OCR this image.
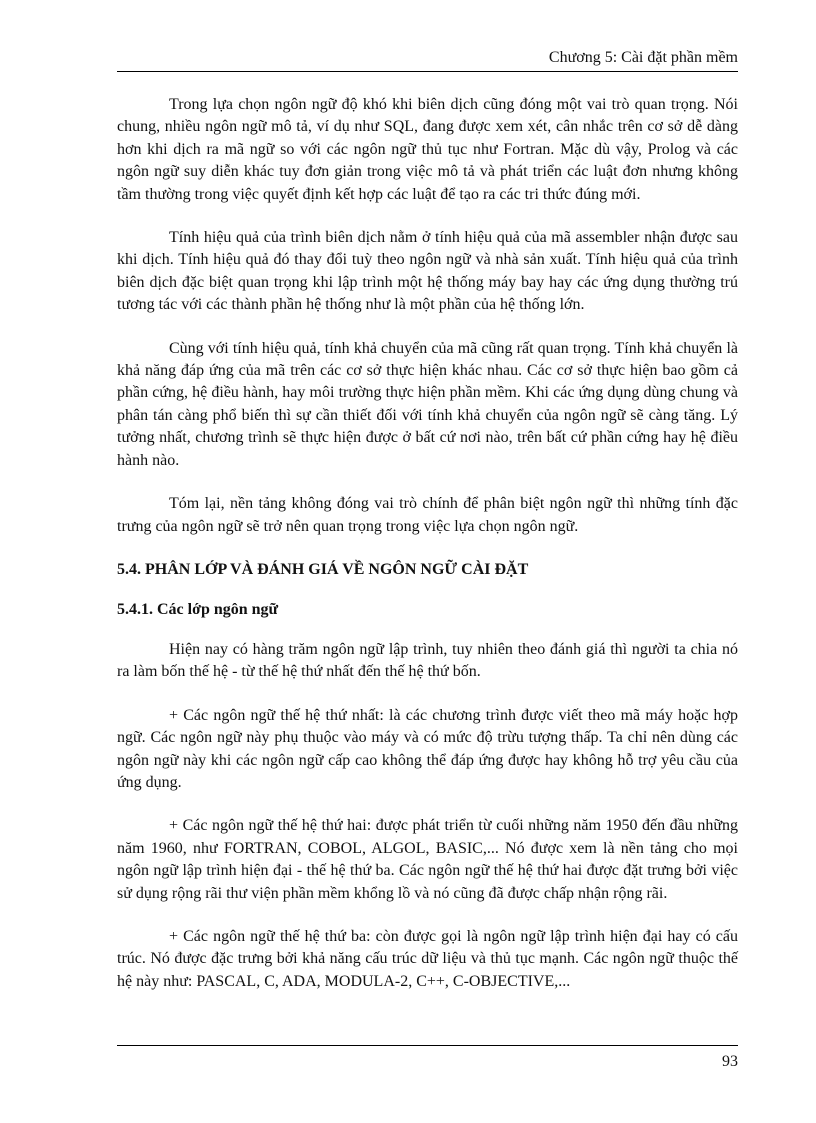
Chương 5: Cài đặt phần mềm

Trong lựa chọn ngôn ngữ độ khó khi biên dịch cũng đóng một vai trò quan trọng. Nói chung, nhiều ngôn ngữ mô tả, ví dụ như SQL, đang được xem xét, cân nhắc trên cơ sở dễ dàng hơn khi dịch ra mã ngữ so với các ngôn ngữ thủ tục như Fortran. Mặc dù vậy, Prolog và các ngôn ngữ suy diễn khác tuy đơn giản trong việc mô tả và phát triển các luật đơn nhưng không tầm thường trong việc quyết định kết hợp các luật để tạo ra các tri thức đúng mới.

Tính hiệu quả của trình biên dịch nằm ở tính hiệu quả của mã assembler nhận được sau khi dịch. Tính hiệu quả đó thay đổi tuỳ theo ngôn ngữ và nhà sản xuất. Tính hiệu quả của trình biên dịch đặc biệt quan trọng khi lập trình một hệ thống máy bay hay các ứng dụng thường trú tương tác với các thành phần hệ thống như là một phần của hệ thống lớn.

Cùng với tính hiệu quả, tính khả chuyển của mã cũng rất quan trọng. Tính khả chuyển là khả năng đáp ứng của mã trên các cơ sở thực hiện khác nhau. Các cơ sở thực hiện bao gồm cả phần cứng, hệ điều hành, hay môi trường thực hiện phần mềm. Khi các ứng dụng dùng chung và phân tán càng phổ biến thì sự cần thiết đối với tính khả chuyển của ngôn ngữ sẽ càng tăng. Lý tưởng nhất, chương trình sẽ thực hiện được ở bất cứ nơi nào, trên bất cứ phần cứng hay hệ điều hành nào.

Tóm lại, nền tảng không đóng vai trò chính để phân biệt ngôn ngữ thì những tính đặc trưng của ngôn ngữ sẽ trở nên quan trọng trong việc lựa chọn ngôn ngữ.

5.4. PHÂN LỚP VÀ ĐÁNH GIÁ VỀ NGÔN NGỮ CÀI ĐẶT
5.4.1. Các lớp ngôn ngữ

Hiện nay có hàng trăm ngôn ngữ lập trình, tuy nhiên theo đánh giá thì người ta chia nó ra làm bốn thế hệ - từ thế hệ thứ nhất đến thế hệ thứ bốn.

+ Các ngôn ngữ thế hệ thứ nhất: là các chương trình được viết theo mã máy hoặc hợp ngữ. Các ngôn ngữ này phụ thuộc vào máy và có mức độ trừu tượng thấp. Ta chỉ nên dùng các ngôn ngữ này khi các ngôn ngữ cấp cao không thể đáp ứng được hay không hỗ trợ yêu cầu của ứng dụng.

+ Các ngôn ngữ thế hệ thứ hai: được phát triển từ cuối những năm 1950 đến đầu những năm 1960, như FORTRAN, COBOL, ALGOL, BASIC,... Nó được xem là nền tảng cho mọi ngôn ngữ lập trình hiện đại - thế hệ thứ ba. Các ngôn ngữ thế hệ thứ hai được đặt trưng bởi việc sử dụng rộng rãi thư viện phần mềm khổng lồ và nó cũng đã được chấp nhận rộng rãi.

+ Các ngôn ngữ thế hệ thứ ba: còn được gọi là ngôn ngữ lập trình hiện đại hay có cấu trúc. Nó được đặc trưng bởi khả năng cấu trúc dữ liệu và thủ tục mạnh. Các ngôn ngữ thuộc thế hệ này như: PASCAL, C, ADA, MODULA-2, C++, C-OBJECTIVE,...

93
